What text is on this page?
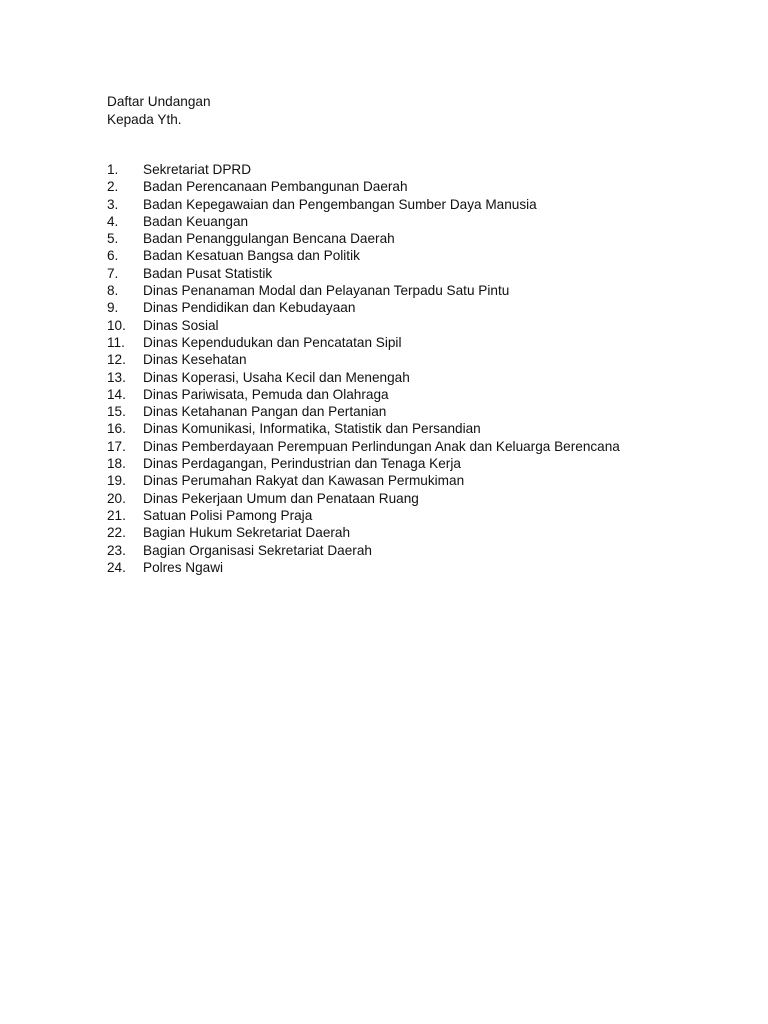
Daftar Undangan
Kepada Yth.
1.	Sekretariat DPRD
2.	Badan Perencanaan Pembangunan Daerah
3.	Badan Kepegawaian dan Pengembangan Sumber Daya Manusia
4.	Badan Keuangan
5.	Badan Penanggulangan Bencana Daerah
6.	Badan Kesatuan Bangsa dan Politik
7.	Badan Pusat Statistik
8.	Dinas Penanaman Modal dan Pelayanan Terpadu Satu Pintu
9.	Dinas Pendidikan dan Kebudayaan
10.	Dinas Sosial
11.	Dinas Kependudukan dan Pencatatan Sipil
12.	Dinas Kesehatan
13.	Dinas Koperasi, Usaha Kecil dan Menengah
14.	Dinas Pariwisata, Pemuda dan Olahraga
15.	Dinas Ketahanan Pangan dan Pertanian
16.	Dinas Komunikasi, Informatika, Statistik dan Persandian
17.	Dinas Pemberdayaan Perempuan Perlindungan Anak dan Keluarga Berencana
18.	Dinas Perdagangan, Perindustrian dan Tenaga Kerja
19.	Dinas Perumahan Rakyat dan Kawasan Permukiman
20.	Dinas Pekerjaan Umum dan Penataan Ruang
21.	Satuan Polisi Pamong Praja
22.	Bagian Hukum Sekretariat Daerah
23.	Bagian Organisasi Sekretariat Daerah
24.	Polres Ngawi
